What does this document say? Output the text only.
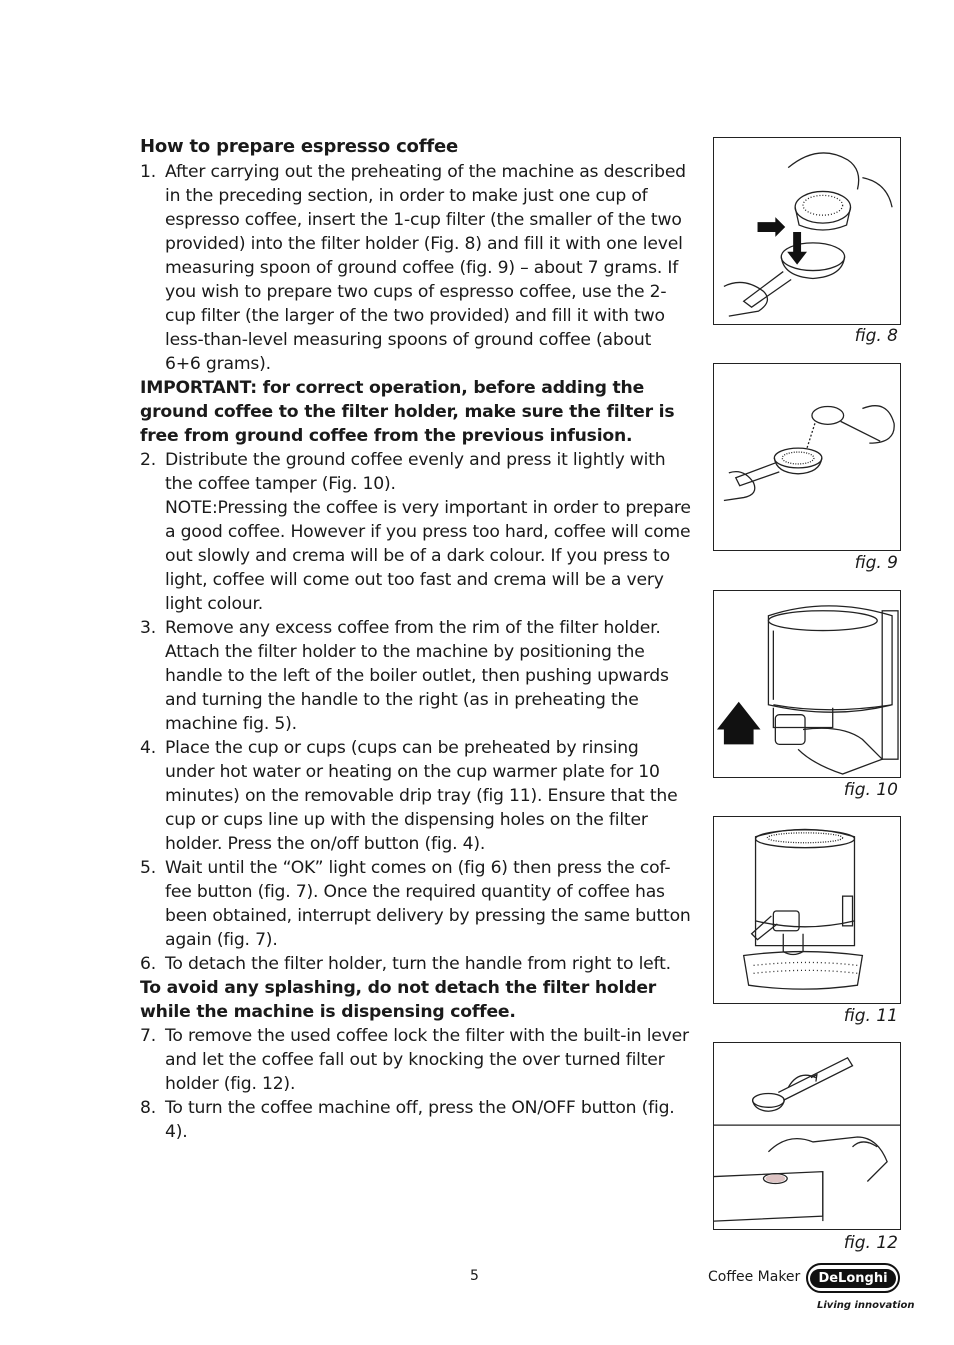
How to prepare espresso coffee
1. After carrying out the preheating of the machine as described in the preceding section, in order to make just one cup of espresso coffee, insert the 1-cup filter (the smaller of the two provided) into the filter holder (Fig. 8) and fill it with one level measuring spoon of ground coffee (fig. 9) – about 7 grams. If you wish to prepare two cups of espresso coffee, use the 2-cup filter (the larger of the two provided) and fill it with two less-than-level measuring spoons of ground coffee (about 6+6 grams).
IMPORTANT: for correct operation, before adding the ground coffee to the filter holder, make sure the filter is free from ground coffee from the previous infusion.
2. Distribute the ground coffee evenly and press it lightly with the coffee tamper (Fig. 10).
NOTE:Pressing the coffee is very important in order to prepare a good coffee. However if you press too hard, coffee will come out slowly and crema will be of a dark colour. If you press to light, coffee will come out too fast and crema will be a very light colour.
3. Remove any excess coffee from the rim of the filter holder. Attach the filter holder to the machine by positioning the handle to the left of the boiler outlet, then pushing upwards and turning the handle to the right (as in preheating the machine fig. 5).
4. Place the cup or cups (cups can be preheated by rinsing under hot water or heating on the cup warmer plate for 10 minutes) on the removable drip tray (fig 11). Ensure that the cup or cups line up with the dispensing holes on the filter holder. Press the on/off button (fig. 4).
5. Wait until the “OK” light comes on (fig 6) then press the cof-fee button (fig. 7). Once the required quantity of coffee has been obtained, interrupt delivery by pressing the same button again (fig. 7).
6. To detach the filter holder, turn the handle from right to left.
To avoid any splashing, do not detach the filter holder while the machine is dispensing coffee.
7. To remove the used coffee lock the filter with the built-in lever and let the coffee fall out by knocking the over turned filter holder (fig. 12).
8. To turn the coffee machine off, press the ON/OFF button (fig. 4).
fig. 8
fig. 9
fig. 10
fig. 11
fig. 12
5	Coffee Maker	DeLonghi
Living innovation
